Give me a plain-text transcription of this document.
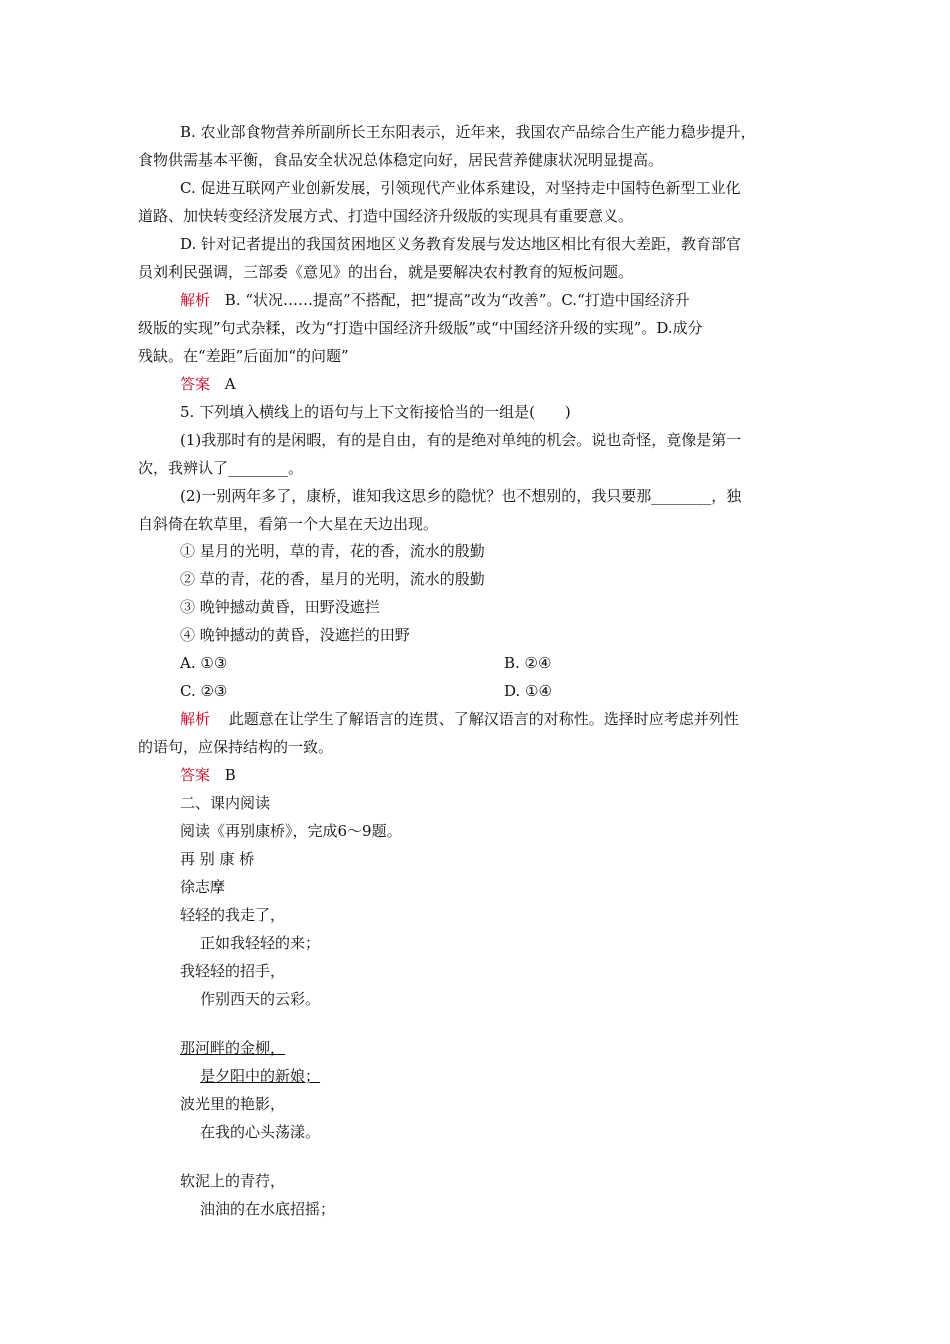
B. 农业部食物营养所副所长王东阳表示，近年来，我国农产品综合生产能力稳步提升，
食物供需基本平衡，食品安全状况总体稳定向好，居民营养健康状况明显提高。
C. 促进互联网产业创新发展，引领现代产业体系建设，对坚持走中国特色新型工业化
道路、加快转变经济发展方式、打造中国经济升级版的实现具有重要意义。
D. 针对记者提出的我国贫困地区义务教育发展与发达地区相比有很大差距，教育部官
员刘利民强调，三部委《意见》的出台，就是要解决农村教育的短板问题。
解析 B. “状况……提高”不搭配，把“提高”改为“改善”。C.“打造中国经济升
级版的实现”句式杂糅，改为“打造中国经济升级版”或“中国经济升级的实现”。D.成分
残缺。在“差距”后面加“的问题”
答案 A
5. 下列填入横线上的语句与上下文衔接恰当的一组是(　　)
(1)我那时有的是闲暇，有的是自由，有的是绝对单纯的机会。说也奇怪，竟像是第一
次，我辨认了________。
(2)一别两年多了，康桥，谁知我这思乡的隐忧？也不想别的，我只要那________，独
自斜倚在软草里，看第一个大星在天边出现。
① 星月的光明，草的青，花的香，流水的殷勤
② 草的青，花的香，星月的光明，流水的殷勤
③ 晚钟撼动黄昏，田野没遮拦
④ 晚钟撼动的黄昏，没遮拦的田野
A. ①③	B. ②④
C. ②③	D. ①④
解析 此题意在让学生了解语言的连贯、了解汉语言的对称性。选择时应考虑并列性
的语句，应保持结构的一致。
答案 B
二、课内阅读
阅读《再别康桥》，完成6～9题。
再 别 康 桥
徐志摩
轻轻的我走了，
正如我轻轻的来；
我轻轻的招手，
作别西天的云彩。
那河畔的金柳，
是夕阳中的新娘；
波光里的艳影，
在我的心头荡漾。
软泥上的青荇，
油油的在水底招摇；
